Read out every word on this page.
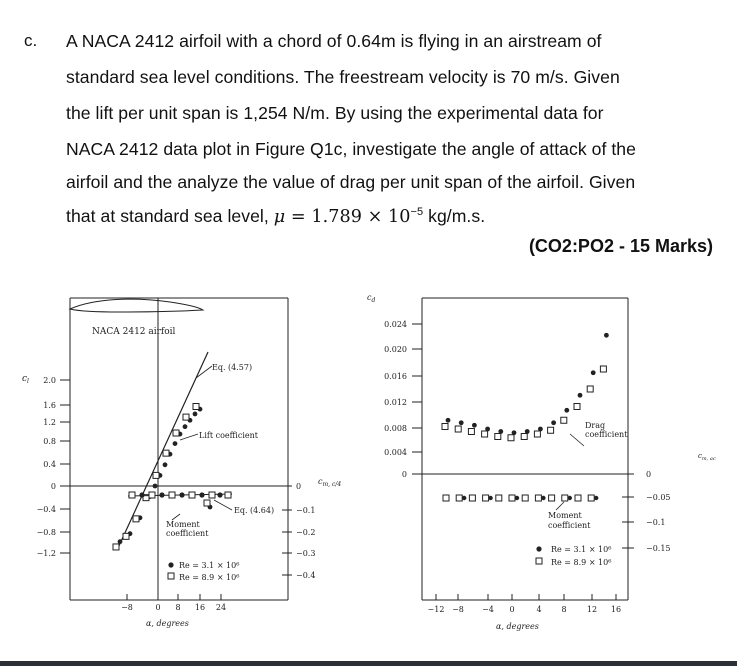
c. A NACA 2412 airfoil with a chord of 0.64m is flying in an airstream of
standard sea level conditions. The freestream velocity is 70 m/s. Given
the lift per unit span is 1,254 N/m. By using the experimental data for
NACA 2412 data plot in Figure Q1c, investigate the angle of attack of the
airfoil and the analyze the value of drag per unit span of the airfoil. Given
that at standard sea level, $\mu = 1.789 \times 10^{-5}$ kg/m.s.
(CO2:PO2 - 15 Marks)
NACA 2412 airfoil
$c_l$ 2.0
1.6
1.2
0.8
0.4
0
−0.4
−0.8
−1.2
−8	0 8 16 24
α, degrees
Eq. (4.57)
Lift coefficient
Eq. (4.64)
Moment coefficient
$c_{m, c/4}$
0
−0.1
−0.2
−0.3
−0.4
Re = 3.1 × 10⁶
Re = 8.9 × 10⁶
$c_d$
0.024
0.020
0.016
0.012
0.008
0.004
0
−12 −8 −4 0	4 8	12 16
α, degrees
Drag coefficient
Moment coefficient
$c_{m, ac}$
0
−0.05
−0.1
−0.15
Re = 3.1 × 10⁶
Re = 8.9 × 10⁶
